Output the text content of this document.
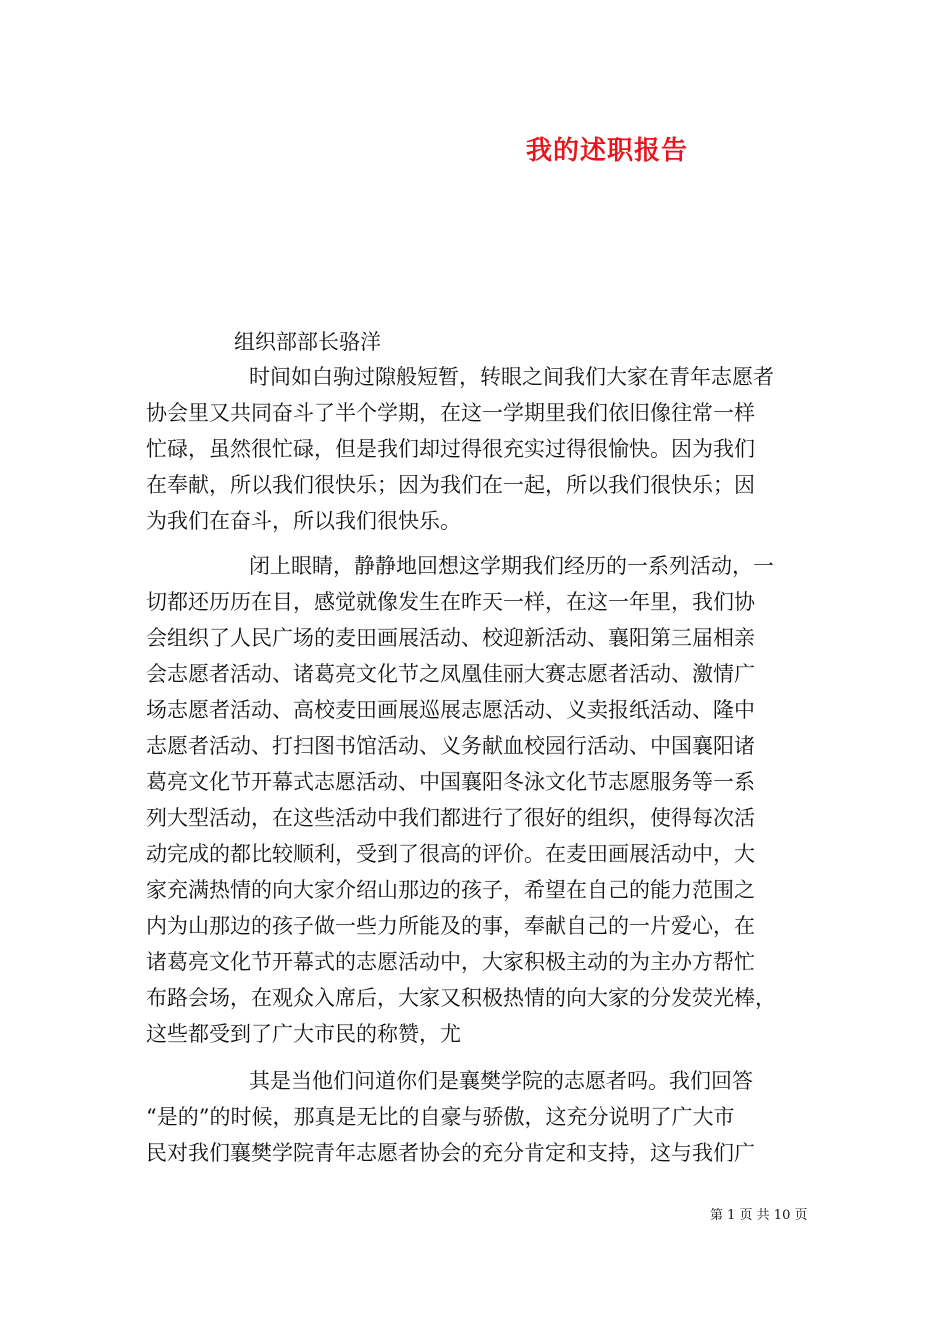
我的述职报告
组织部部长骆洋
时间如白驹过隙般短暂，转眼之间我们大家在青年志愿者
协会里又共同奋斗了半个学期，在这一学期里我们依旧像往常一样
忙碌，虽然很忙碌，但是我们却过得很充实过得很愉快。因为我们
在奉献，所以我们很快乐；因为我们在一起，所以我们很快乐；因
为我们在奋斗，所以我们很快乐。
闭上眼睛，静静地回想这学期我们经历的一系列活动，一
切都还历历在目，感觉就像发生在昨天一样，在这一年里，我们协
会组织了人民广场的麦田画展活动、校迎新活动、襄阳第三届相亲
会志愿者活动、诸葛亮文化节之凤凰佳丽大赛志愿者活动、激情广
场志愿者活动、高校麦田画展巡展志愿活动、义卖报纸活动、隆中
志愿者活动、打扫图书馆活动、义务献血校园行活动、中国襄阳诸
葛亮文化节开幕式志愿活动、中国襄阳冬泳文化节志愿服务等一系
列大型活动，在这些活动中我们都进行了很好的组织，使得每次活
动完成的都比较顺利，受到了很高的评价。在麦田画展活动中，大
家充满热情的向大家介绍山那边的孩子，希望在自己的能力范围之
内为山那边的孩子做一些力所能及的事，奉献自己的一片爱心，在
诸葛亮文化节开幕式的志愿活动中，大家积极主动的为主办方帮忙
布路会场，在观众入席后，大家又积极热情的向大家的分发荧光棒，
这些都受到了广大市民的称赞，尤
其是当他们问道你们是襄樊学院的志愿者吗。我们回答
“是的”的时候，那真是无比的自豪与骄傲，这充分说明了广大市
民对我们襄樊学院青年志愿者协会的充分肯定和支持，这与我们广
第 1 页 共 10 页
